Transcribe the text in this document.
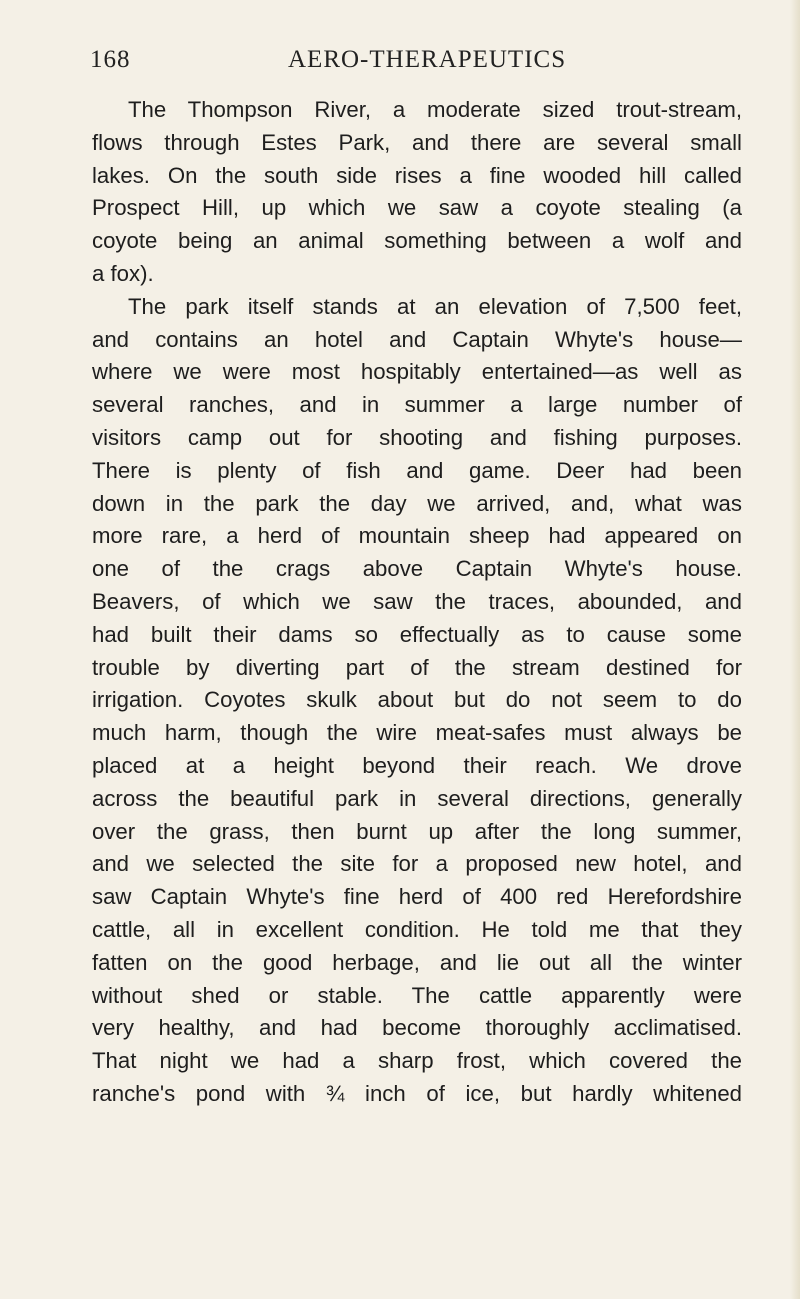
168	AERO-THERAPEUTICS
The Thompson River, a moderate sized trout-stream,
flows through Estes Park, and there are several small
lakes. On the south side rises a fine wooded hill called
Prospect Hill, up which we saw a coyote stealing (a
coyote being an animal something between a wolf and
a fox).
The park itself stands at an elevation of 7,500 feet,
and contains an hotel and Captain Whyte's house—
where we were most hospitably entertained—as well as
several ranches, and in summer a large number of
visitors camp out for shooting and fishing purposes.
There is plenty of fish and game. Deer had been
down in the park the day we arrived, and, what was
more rare, a herd of mountain sheep had appeared on
one of the crags above Captain Whyte's house.
Beavers, of which we saw the traces, abounded, and
had built their dams so effectually as to cause some
trouble by diverting part of the stream destined for
irrigation. Coyotes skulk about but do not seem to do
much harm, though the wire meat-safes must always be
placed at a height beyond their reach. We drove
across the beautiful park in several directions, generally
over the grass, then burnt up after the long summer,
and we selected the site for a proposed new hotel, and
saw Captain Whyte's fine herd of 400 red Herefordshire
cattle, all in excellent condition. He told me that they
fatten on the good herbage, and lie out all the winter
without shed or stable. The cattle apparently were
very healthy, and had become thoroughly acclimatised.
That night we had a sharp frost, which covered the
ranche's pond with ¾ inch of ice, but hardly whitened
